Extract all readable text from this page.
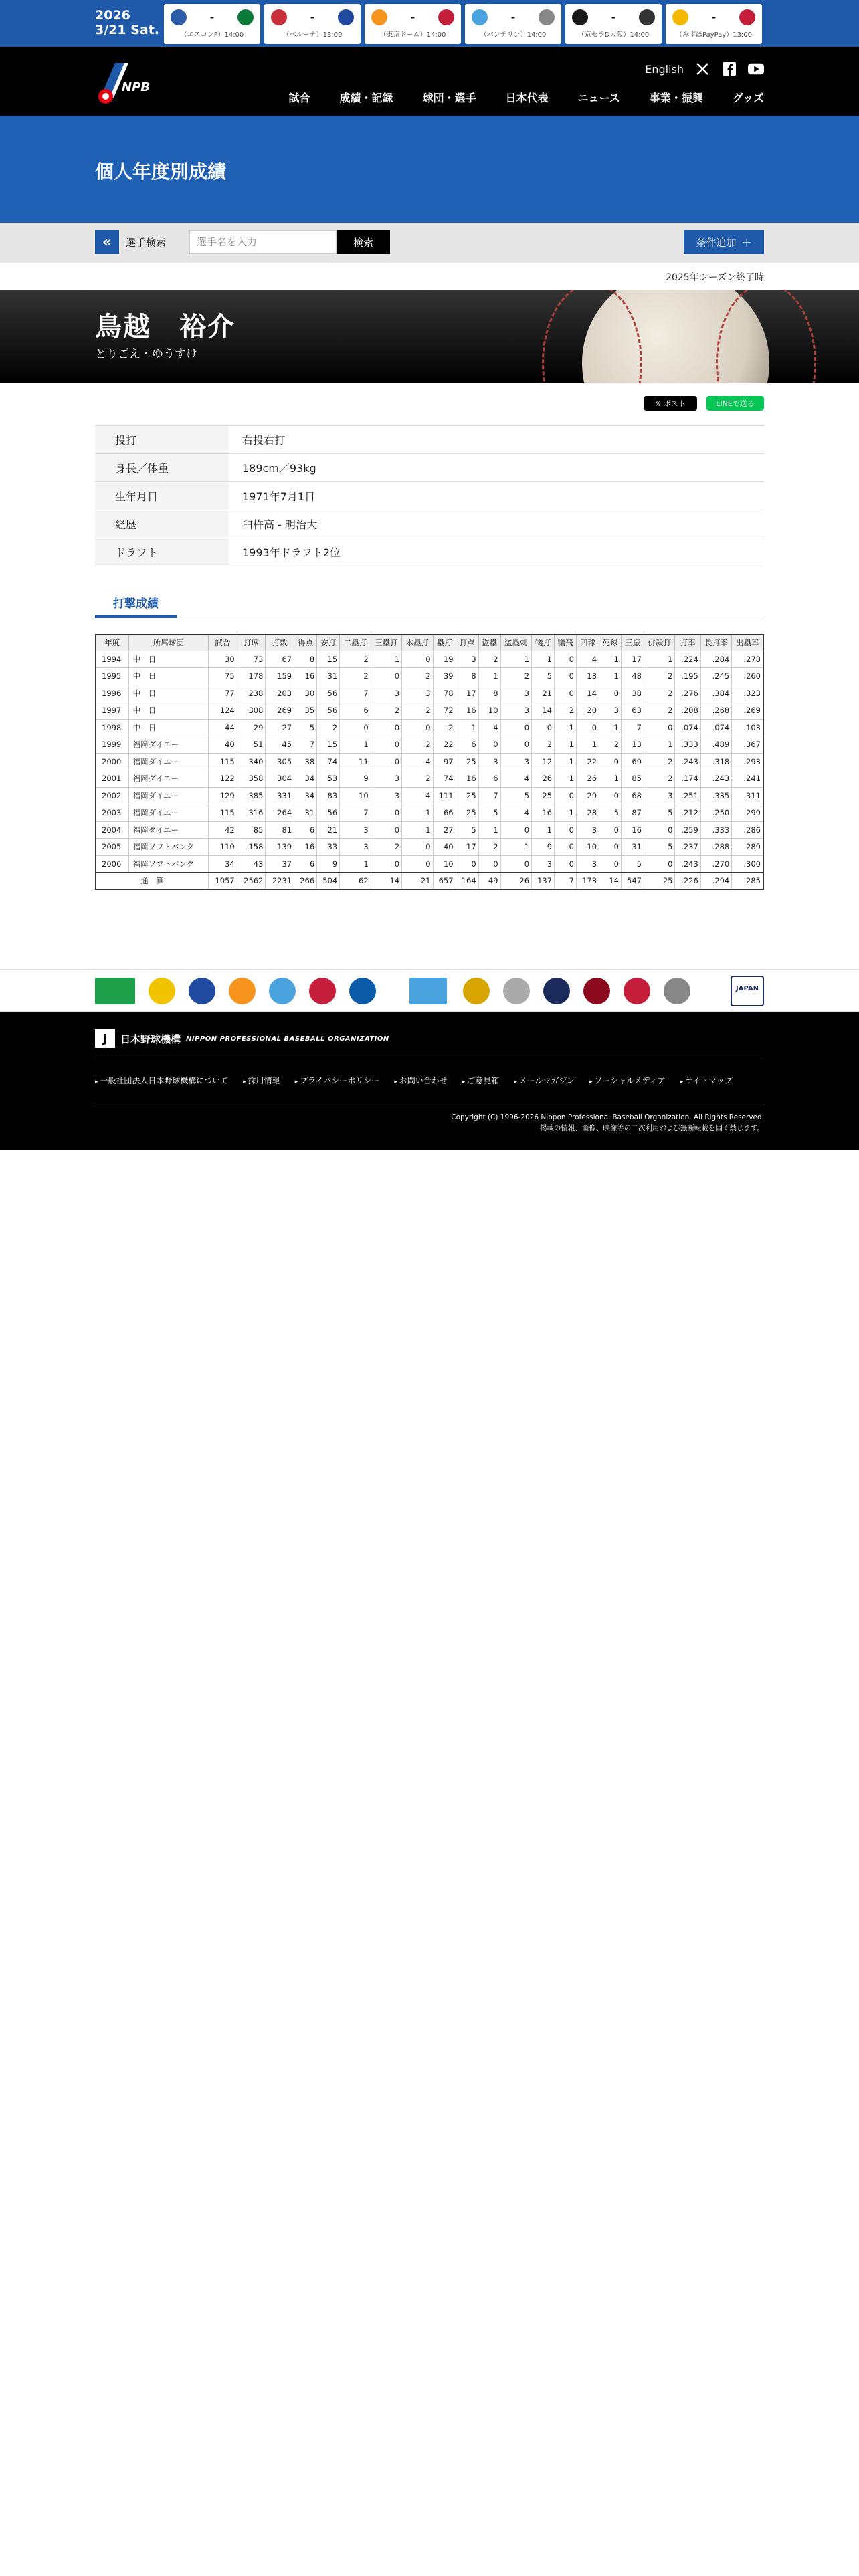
2026
3/21 Sat.
-
（エスコンF）14:00
-
（ベルーナ）13:00
-
（東京ドーム）14:00
-
（バンテリン）14:00
-
（京セラD大阪）14:00
-
（みずほPayPay）13:00
NPB
English
試合	成績・記録	球団・選手	日本代表	ニュース	事業・振興	グッズ
個人年度別成績
« 選手検索
選手名を入力	検索	条件追加 ＋
2025年シーズン終了時
鳥越　裕介
とりごえ・ゆうすけ
𝕏 ポスト	LINEで送る
投打	右投右打
身長／体重	189cm／93kg
生年月日	1971年7月1日
経歴	臼杵高 - 明治大
ドラフト	1993年ドラフト2位
打撃成績
年度	所属球団	試合	打席	打数	得点	安打	二塁打	三塁打	本塁打	塁打	打点	盗塁	盗塁刺	犠打	犠飛	四球	死球	三振	併殺打	打率	長打率	出塁率
1994	中　日	30	73	67	8	15	2	1	0	19	3	2	1	1	0	4	1	17	1	.224	.284	.278
1995	中　日	75	178	159	16	31	2	0	2	39	8	1	2	5	0	13	1	48	2	.195	.245	.260
1996	中　日	77	238	203	30	56	7	3	3	78	17	8	3	21	0	14	0	38	2	.276	.384	.323
1997	中　日	124	308	269	35	56	6	2	2	72	16	10	3	14	2	20	3	63	2	.208	.268	.269
1998	中　日	44	29	27	5	2	0	0	0	2	1	4	0	0	1	0	1	7	0	.074	.074	.103
1999	福岡ダイエー	40	51	45	7	15	1	0	2	22	6	0	0	2	1	1	2	13	1	.333	.489	.367
2000	福岡ダイエー	115	340	305	38	74	11	0	4	97	25	3	3	12	1	22	0	69	2	.243	.318	.293
2001	福岡ダイエー	122	358	304	34	53	9	3	2	74	16	6	4	26	1	26	1	85	2	.174	.243	.241
2002	福岡ダイエー	129	385	331	34	83	10	3	4	111	25	7	5	25	0	29	0	68	3	.251	.335	.311
2003	福岡ダイエー	115	316	264	31	56	7	0	1	66	25	5	4	16	1	28	5	87	5	.212	.250	.299
2004	福岡ダイエー	42	85	81	6	21	3	0	1	27	5	1	0	1	0	3	0	16	0	.259	.333	.286
2005	福岡ソフトバンク	110	158	139	16	33	3	2	0	40	17	2	1	9	0	10	0	31	5	.237	.288	.289
2006	福岡ソフトバンク	34	43	37	6	9	1	0	0	10	0	0	0	3	0	3	0	5	0	.243	.270	.300
通　算		1057	2562	2231	266	504	62	14	21	657	164	49	26	137	7	173	14	547	25	.226	.294	.285
JAPAN
J	日本野球機構 NIPPON PROFESSIONAL BASEBALL ORGANIZATION
▸ 一般社団法人日本野球機構について	▸ 採用情報	▸ プライバシーポリシー	▸ お問い合わせ	▸ ご意見箱	▸ メールマガジン	▸ ソーシャルメディア	▸ サイトマップ
Copyright (C) 1996-2026 Nippon Professional Baseball Organization. All Rights Reserved.
掲載の情報、画像、映像等の二次利用および無断転載を固く禁じます。
